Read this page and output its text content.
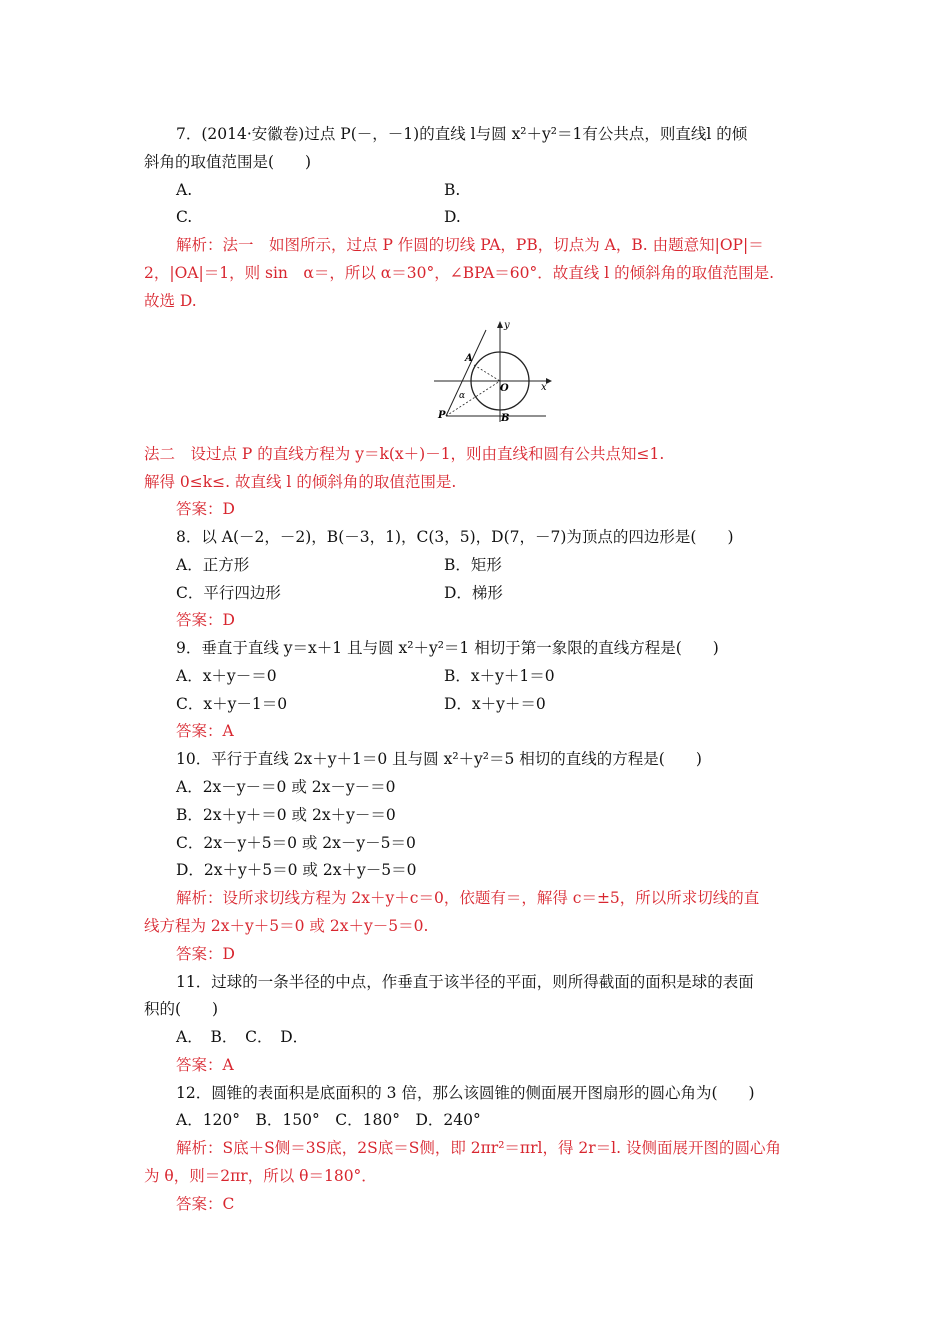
7．(2014·安徽卷)过点 P(－，－1)的直线 l与圆 x²＋y²＝1有公共点，则直线l 的倾
斜角的取值范围是(　　)
A.	B.
C.	D.
解析：法一　如图所示，过点 P 作圆的切线 PA，PB，切点为 A，B. 由题意知|OP|＝
2，|OA|＝1，则 sin　α＝，所以 α＝30°，∠BPA＝60°．故直线 l 的倾斜角的取值范围是.
故选 D.
y
x
A
O
α
P	B
法二　设过点 P 的直线方程为 y＝k(x＋)－1，则由直线和圆有公共点知≤1.
解得 0≤k≤. 故直线 l 的倾斜角的取值范围是.
答案：D
8．以 A(－2，－2)，B(－3，1)，C(3，5)，D(7，－7)为顶点的四边形是(　　)
A．正方形	B．矩形
C．平行四边形	D．梯形
答案：D
9．垂直于直线 y＝x＋1 且与圆 x²＋y²＝1 相切于第一象限的直线方程是(　　)
A．x＋y－＝0	B．x＋y＋1＝0
C．x＋y－1＝0	D．x＋y＋＝0
答案：A
10．平行于直线 2x＋y＋1＝0 且与圆 x²＋y²＝5 相切的直线的方程是(　　)
A．2x－y－＝0 或 2x－y－＝0
B．2x＋y＋＝0 或 2x＋y－＝0
C．2x－y＋5＝0 或 2x－y－5＝0
D．2x＋y＋5＝0 或 2x＋y－5＝0
解析：设所求切线方程为 2x＋y＋c＝0，依题有＝，解得 c＝±5，所以所求切线的直
线方程为 2x＋y＋5＝0 或 2x＋y－5＝0.
答案：D
11．过球的一条半径的中点，作垂直于该半径的平面，则所得截面的面积是球的表面
积的(　　)
A．　B．　C．　D．
答案：A
12．圆锥的表面积是底面积的 3 倍，那么该圆锥的侧面展开图扇形的圆心角为(　　)
A．120°　B．150°　C．180°　D．240°
解析：S底＋S侧＝3S底，2S底＝S侧，即 2πr²＝πrl，得 2r＝l. 设侧面展开图的圆心角
为 θ，则＝2πr，所以 θ＝180°．
答案：C
